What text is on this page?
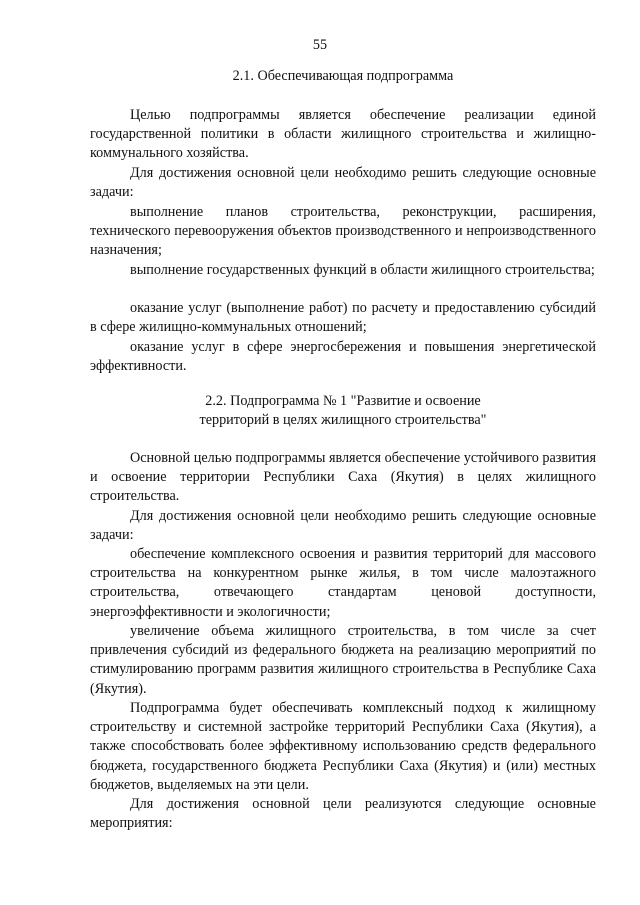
55
2.1. Обеспечивающая подпрограмма
Целью подпрограммы является обеспечение реализации единой государственной политики в области жилищного строительства и жилищно-коммунального хозяйства.
Для достижения основной цели необходимо решить следующие основные задачи:
выполнение планов строительства, реконструкции, расширения, технического перевооружения объектов производственного и непроизводственного назначения;
выполнение государственных функций в области жилищного строительства;
оказание услуг (выполнение работ) по расчету и предоставлению субсидий в сфере жилищно-коммунальных отношений;
оказание услуг в сфере энергосбережения и повышения энергетической эффективности.
2.2. Подпрограмма № 1 "Развитие и освоение
территорий в целях жилищного строительства"
Основной целью подпрограммы является обеспечение устойчивого развития и освоение территории Республики Саха (Якутия) в целях жилищного строительства.
Для достижения основной цели необходимо решить следующие основные задачи:
обеспечение комплексного освоения и развития территорий для массового строительства на конкурентном рынке жилья, в том числе малоэтажного строительства, отвечающего стандартам ценовой доступности, энергоэффективности и экологичности;
увеличение объема жилищного строительства, в том числе за счет привлечения субсидий из федерального бюджета на реализацию мероприятий по стимулированию программ развития жилищного строительства в Республике Саха (Якутия).
Подпрограмма будет обеспечивать комплексный подход к жилищному строительству и системной застройке территорий Республики Саха (Якутия), а также способствовать более эффективному использованию средств федерального бюджета, государственного бюджета Республики Саха (Якутия) и (или) местных бюджетов, выделяемых на эти цели.
Для достижения основной цели реализуются следующие основные мероприятия:
